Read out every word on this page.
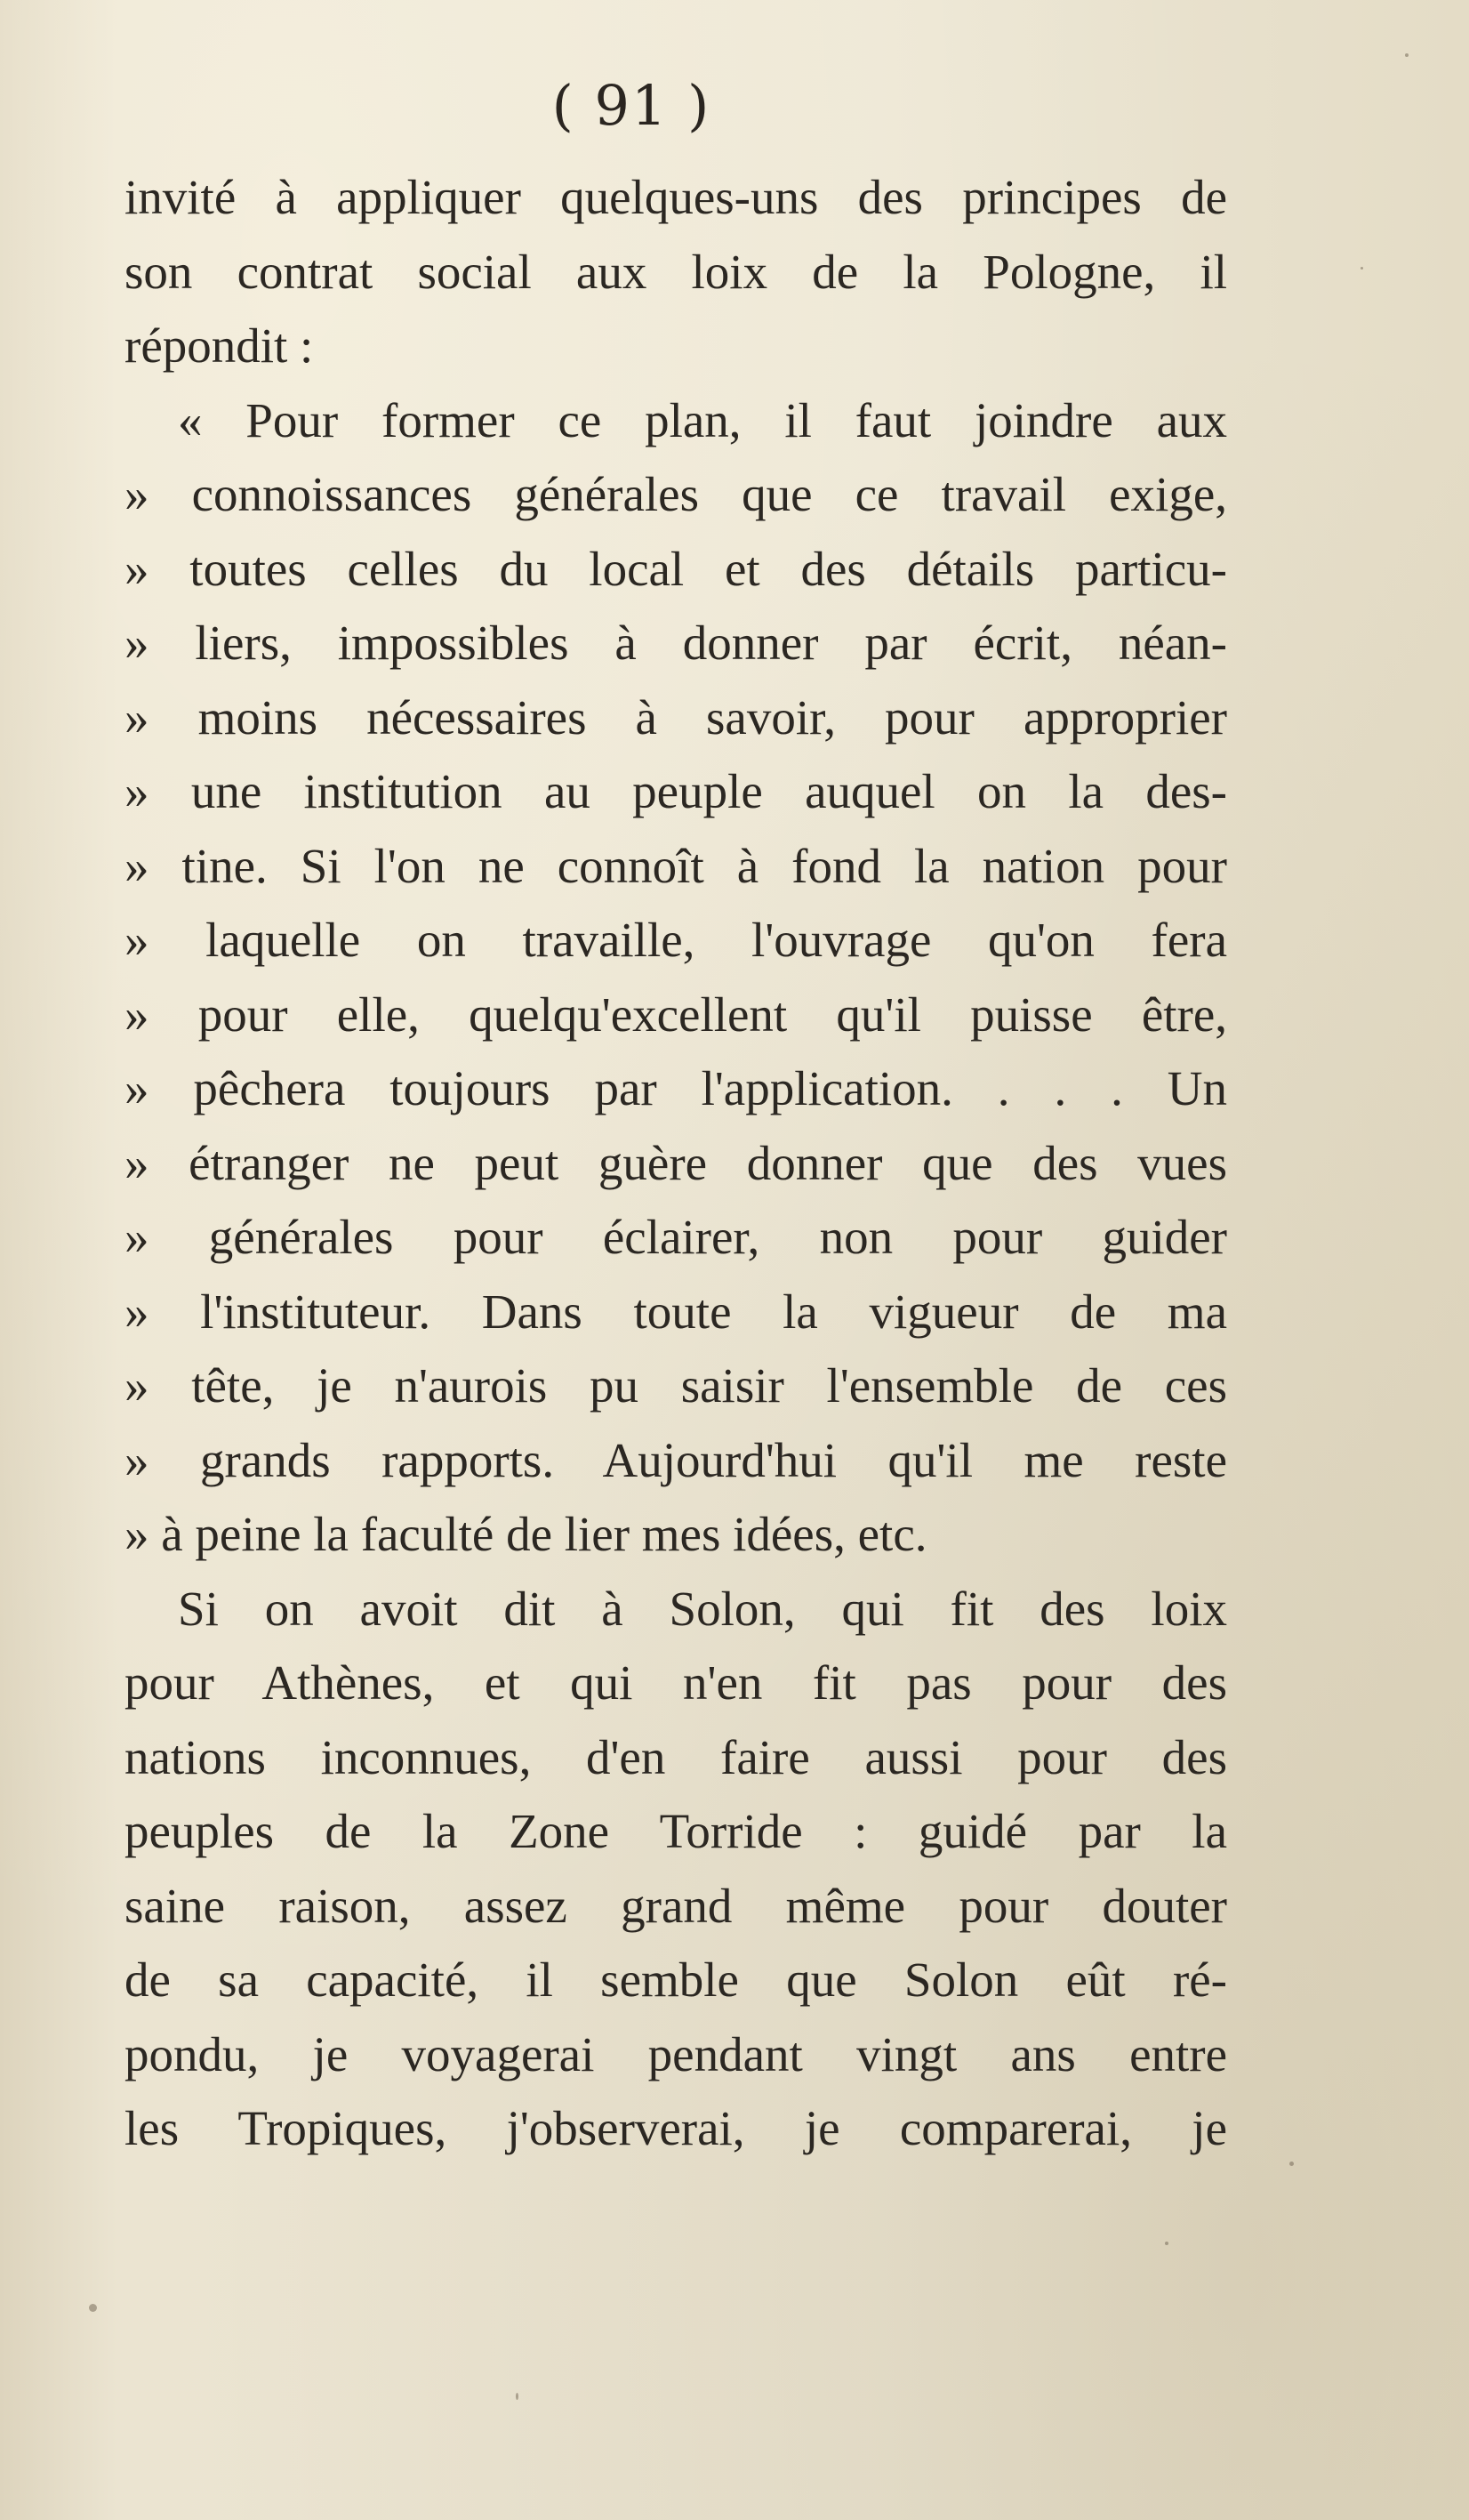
( 91 )
invité à appliquer quelques-uns des principes de
son contrat social aux loix de la Pologne, il
répondit :
« Pour former ce plan, il faut joindre aux
» connoissances générales que ce travail exige,
» toutes celles du local et des détails particu-
» liers, impossibles à donner par écrit, néan-
» moins nécessaires à savoir, pour approprier
» une institution au peuple auquel on la des-
» tine. Si l'on ne connoît à fond la nation pour
» laquelle on travaille, l'ouvrage qu'on fera
» pour elle, quelqu'excellent qu'il puisse être,
» pêchera toujours par l'application. . . . Un
» étranger ne peut guère donner que des vues
» générales pour éclairer, non pour guider
» l'instituteur. Dans toute la vigueur de ma
» tête, je n'aurois pu saisir l'ensemble de ces
» grands rapports. Aujourd'hui qu'il me reste
» à peine la faculté de lier mes idées, etc.
Si on avoit dit à Solon, qui fit des loix
pour Athènes, et qui n'en fit pas pour des
nations inconnues, d'en faire aussi pour des
peuples de la Zone Torride : guidé par la
saine raison, assez grand même pour douter
de sa capacité, il semble que Solon eût ré-
pondu, je voyagerai pendant vingt ans entre
les Tropiques, j'observerai, je comparerai, je
